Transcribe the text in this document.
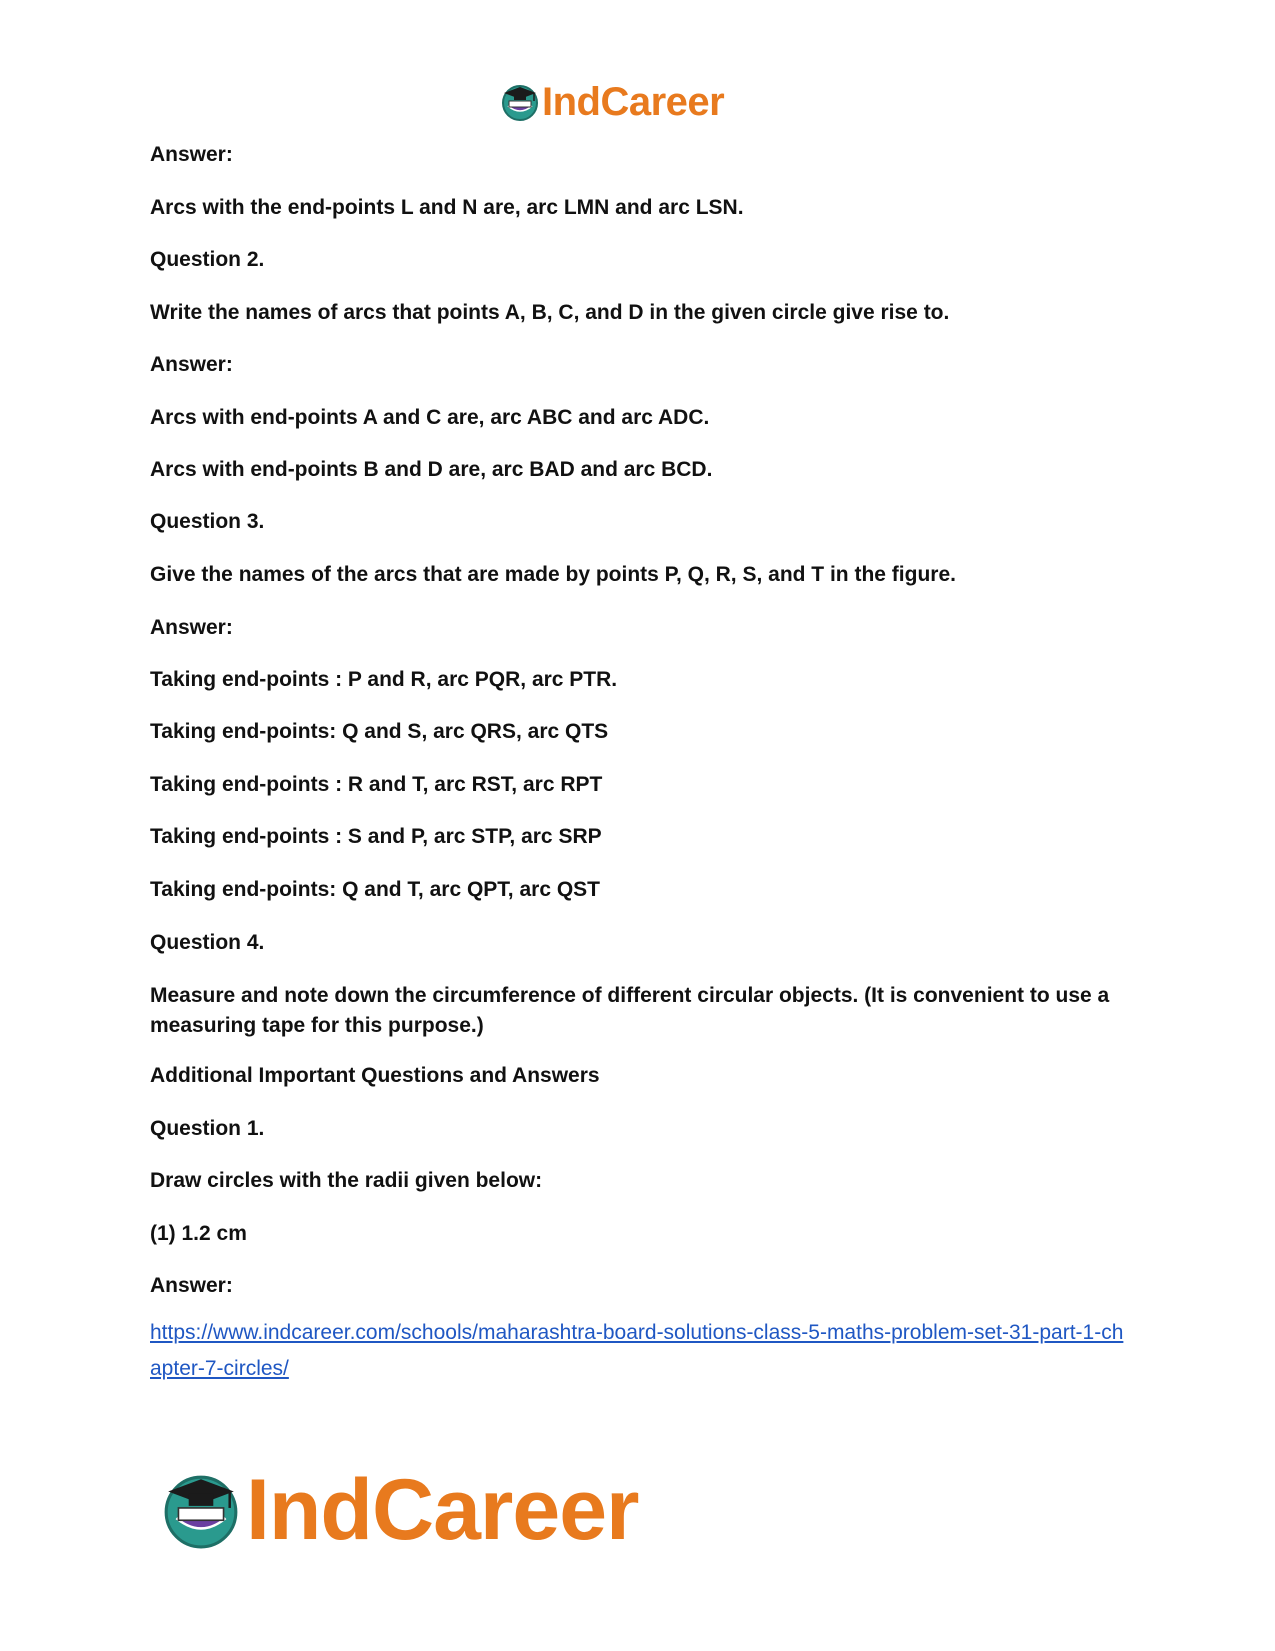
IndCareer
Answer:
Arcs with the end-points L and N are, arc LMN and arc LSN.
Question 2.
Write the names of arcs that points A, B, C, and D in the given circle give rise to.
Answer:
Arcs with end-points A and C are, arc ABC and arc ADC.
Arcs with end-points B and D are, arc BAD and arc BCD.
Question 3.
Give the names of the arcs that are made by points P, Q, R, S, and T in the figure.
Answer:
Taking end-points : P and R, arc PQR, arc PTR.
Taking end-points: Q and S, arc QRS, arc QTS
Taking end-points : R and T, arc RST, arc RPT
Taking end-points : S and P, arc STP, arc SRP
Taking end-points: Q and T, arc QPT, arc QST
Question 4.
Measure and note down the circumference of different circular objects. (It is convenient to use a measuring tape for this purpose.)
Additional Important Questions and Answers
Question 1.
Draw circles with the radii given below:
(1) 1.2 cm
Answer:
https://www.indcareer.com/schools/maharashtra-board-solutions-class-5-maths-problem-set-31-part-1-chapter-7-circles/
IndCareer
